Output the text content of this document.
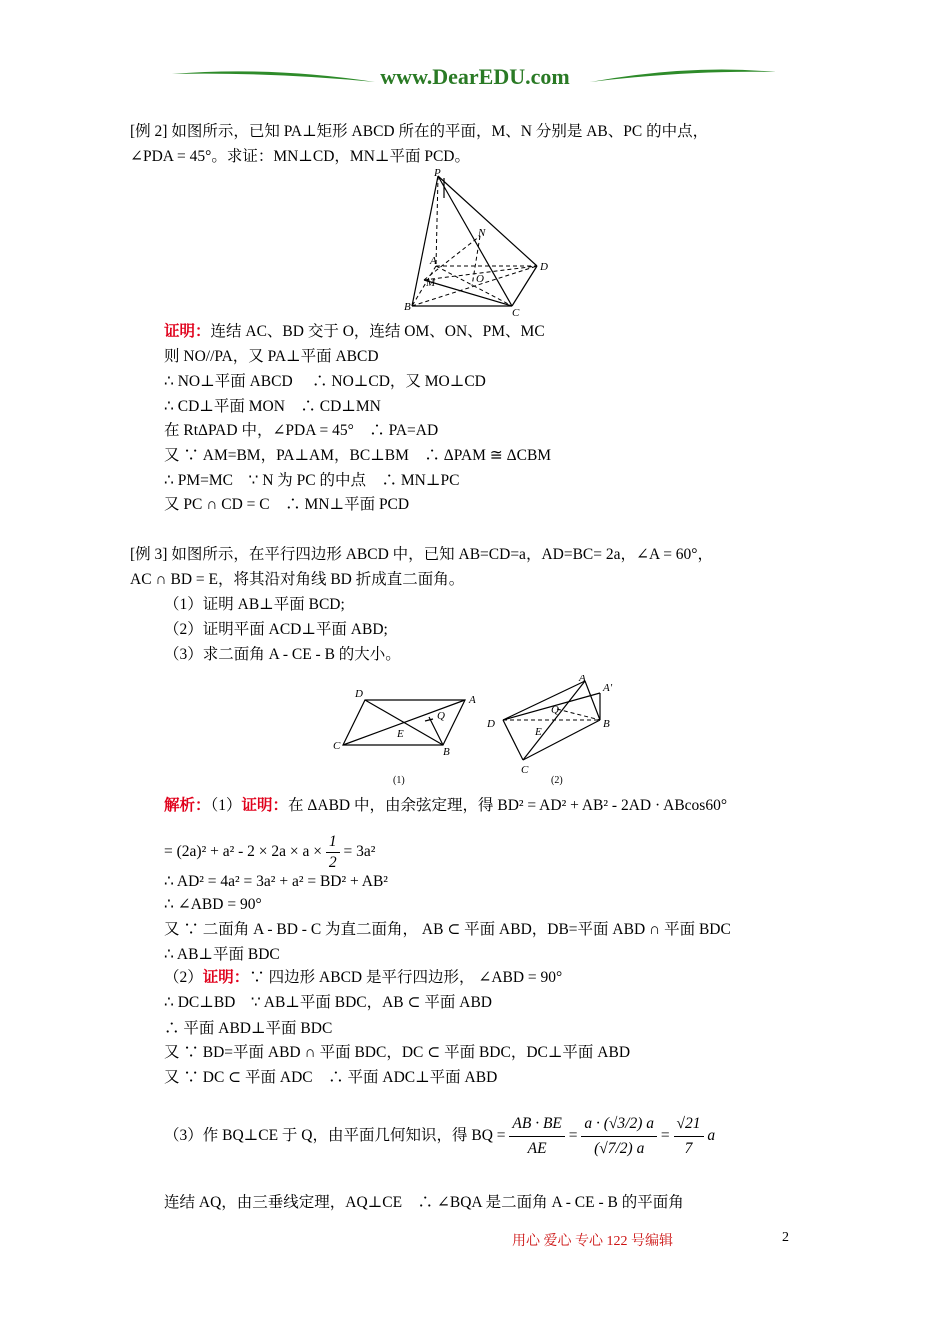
www.DearEDU.com
[例 2] 如图所示，已知 PA⊥矩形 ABCD 所在的平面，M、N 分别是 AB、PC 的中点，
∠PDA = 45°。求证：MN⊥CD，MN⊥平面 PCD。
P
N
A
M	O
D
B	C
证明：连结 AC、BD 交于 O，连结 OM、ON、PM、MC
则 NO//PA，又 PA⊥平面 ABCD
∴ NO⊥平面 ABCD　 ∴ NO⊥CD，又 MO⊥CD
∴ CD⊥平面 MON　∴ CD⊥MN
在 RtΔPAD 中，∠PDA = 45°　∴ PA=AD
又 ∵ AM=BM，PA⊥AM，BC⊥BM　∴ ΔPAM ≅ ΔCBM
∴ PM=MC　∵ N 为 PC 的中点　∴ MN⊥PC
又 PC ∩ CD = C　∴ MN⊥平面 PCD
[例 3] 如图所示，在平行四边形 ABCD 中，已知 AB=CD=a，AD=BC= 2a，∠A = 60°，
AC ∩ BD = E，将其沿对角线 BD 折成直二面角。
（1）证明 AB⊥平面 BCD;
（2）证明平面 ACD⊥平面 ABD;
（3）求二面角 A - CE - B 的大小。
D	A
Q
E
C	B
A
A'
Q
D
E
B
C
(1)	(2)
解析：（1）证明：在 ΔABD 中，由余弦定理，得 BD² = AD² + AB² - 2AD · ABcos60°
= $(2a)^2 + a^2 - 2 \times 2a \times a \times \frac{1}{2} = 3a^2$
∴ AD² = 4a² = 3a² + a² = BD² + AB²
∴ ∠ABD = 90°
又 ∵ 二面角 A - BD - C 为直二面角， AB ⊂ 平面 ABD，DB=平面 ABD ∩ 平面 BDC
∴ AB⊥平面 BDC
（2）证明：∵ 四边形 ABCD 是平行四边形， ∠ABD = 90°
∴ DC⊥BD　∵ AB⊥平面 BDC，AB ⊂ 平面 ABD
∴ 平面 ABD⊥平面 BDC
又 ∵ BD=平面 ABD ∩ 平面 BDC，DC ⊂ 平面 BDC，DC⊥平面 ABD
又 ∵ DC ⊂ 平面 ADC　∴ 平面 ADC⊥平面 ABD
（3）作 BQ⊥CE 于 Q，由平面几何知识，得 BQ = $\frac{AB \cdot BE}{AE} = \frac{a \cdot (√3/2) a}{(√7/2) a} = \frac{√21}{7}$ a
连结 AQ，由三垂线定理，AQ⊥CE　∴ ∠BQA 是二面角 A - CE - B 的平面角
用心 爱心 专心 122 号编辑	2
